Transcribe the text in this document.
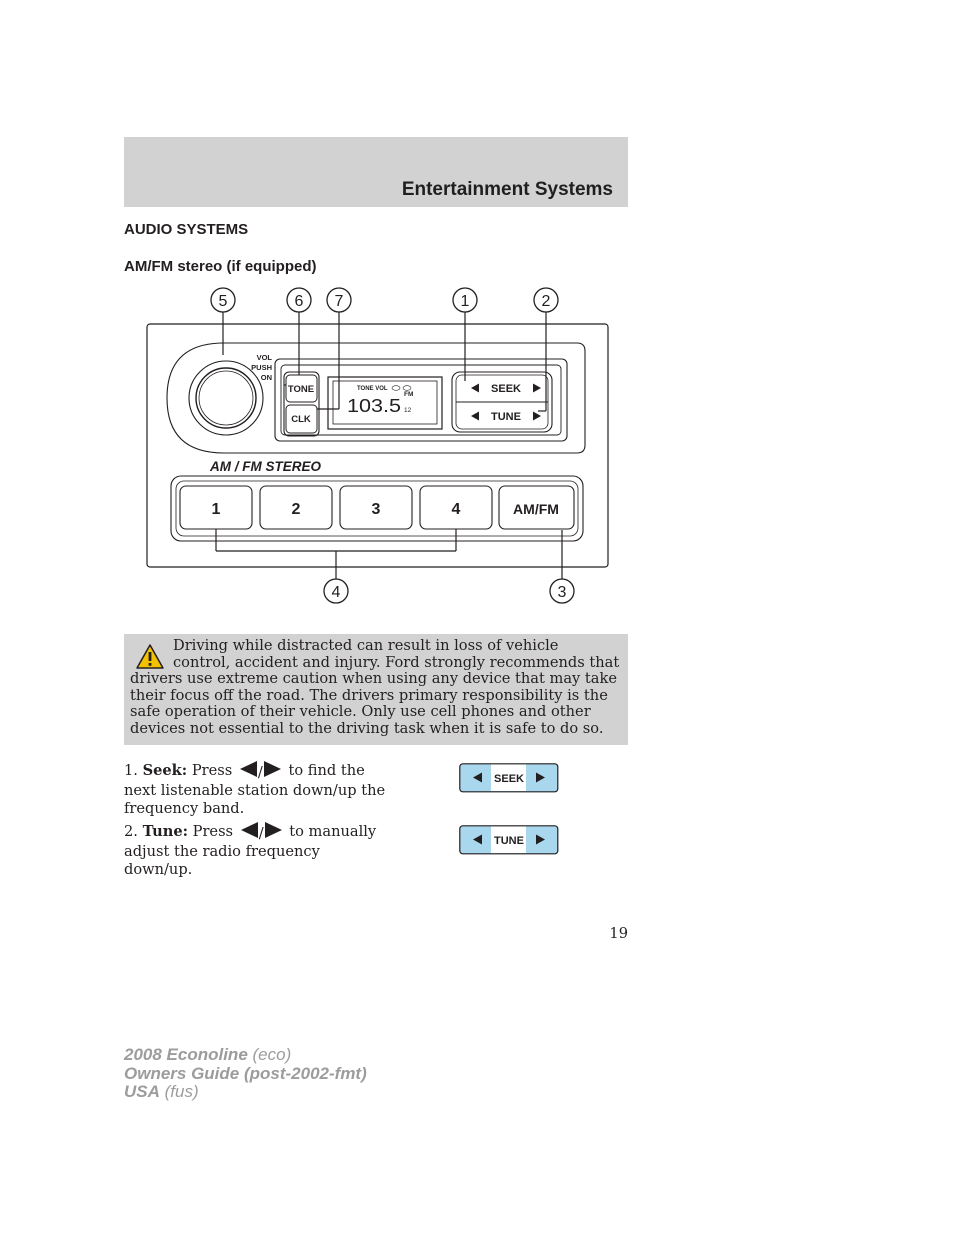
Entertainment Systems
AUDIO SYSTEMS
AM/FM stereo (if equipped)
5	6 7	1	2
4	3
VOL
PUSH
ON
TONE
CLK
TONE VOL
FM
103.5 12
SEEK
TUNE
AM / FM STEREO
1	2	3	4	AM/FM

Driving while distracted can result in loss of vehicle control, accident and injury. Ford strongly recommends that drivers use extreme caution when using any device that may take their focus off the road. The drivers primary responsibility is the safe operation of their vehicle. Only use cell phones and other devices not essential to the driving task when it is safe to do so.

1. Seek: Press / to find the next listenable station down/up the frequency band.
2. Tune: Press / to manually adjust the radio frequency down/up.
SEEK
TUNE
19
2008 Econoline (eco)
Owners Guide (post-2002-fmt)
USA (fus)
